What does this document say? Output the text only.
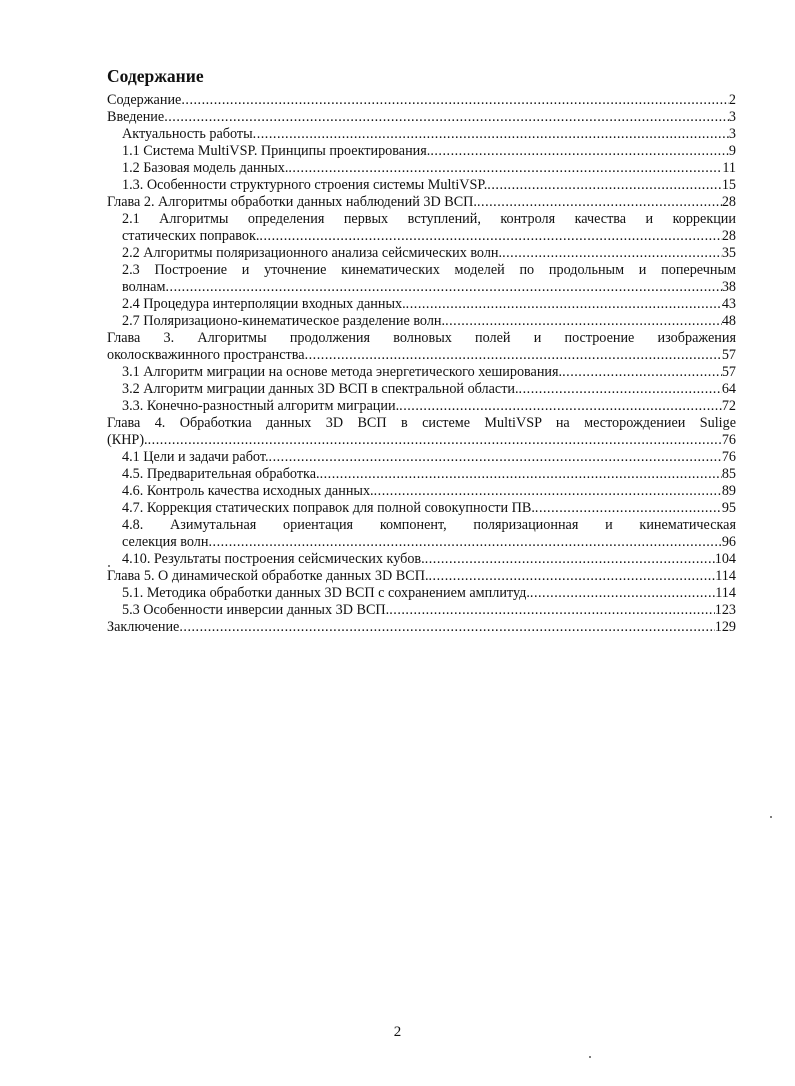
Содержание
Содержание .....	2
Введение .....	3
Актуальность работы .....	3
1.1 Система MultiVSP. Принципы проектирования. .....	9
1.2 Базовая модель данных. .....	11
1.3. Особенности структурного строения системы MultiVSP. .....	15
Глава 2. Алгоритмы обработки данных наблюдений 3D ВСП. .....	28
2.1 Алгоритмы определения первых вступлений, контроля качества и коррекции
статических поправок. .....	28
2.2 Алгоритмы поляризационного анализа сейсмических волн. .....	35
2.3 Построение и уточнение кинематических моделей по продольным и поперечным
волнам .....	38
2.4 Процедура интерполяции входных данных. .....	43
2.7 Поляризационо-кинематическое разделение волн. .....	48
Глава 3. Алгоритмы продолжения волновых полей и построение изображения
околоскважинного пространства .....	57
3.1 Алгоритм миграции на основе метода энергетического хеширования. .....	57
3.2 Алгоритм миграции данных 3D ВСП в спектральной области. .....	64
3.3. Конечно-разностный алгоритм миграции. .....	72
Глава 4. Обработкиа данных 3D ВСП в системе MultiVSP на месторождениеи Sulige
(КНР). .....	76
4.1 Цели и задачи работ. .....	76
4.5. Предварительная обработка. .....	85
4.6. Контроль качества исходных данных. .....	89
4.7. Коррекция статических поправок для полной совокупности ПВ. .....	95
4.8. Азимутальная ориентация компонент, поляризационная и кинематическая
селекция волн .....	96
4.10. Результаты построения сейсмических кубов. .....	104
Глава 5. О динамической обработке данных 3D ВСП. .....	114
5.1. Методика обработки данных 3D ВСП с сохранением амплитуд. .....	114
5.3 Особенности инверсии данных 3D ВСП. .....	123
Заключение .....	129
2
